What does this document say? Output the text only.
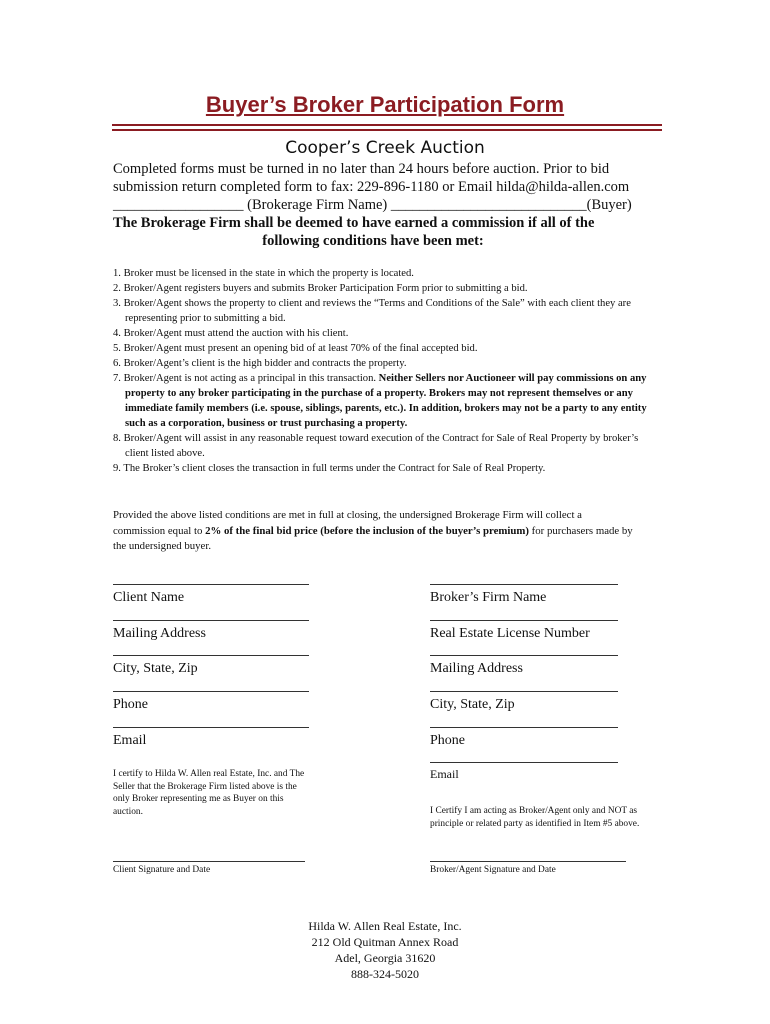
Buyer’s Broker Participation Form
Cooper’s Creek Auction

Completed forms must be turned in no later than 24 hours before auction. Prior to bid

submission return completed form to fax: 229-896-1180 or Email hilda@hilda-allen.com

__________________ (Brokerage Firm Name) ___________________________(Buyer)

The Brokerage Firm shall be deemed to have earned a commission if all of the
following conditions have been met:
1. Broker must be licensed in the state in which the property is located.
2. Broker/Agent registers buyers and submits Broker Participation Form prior to submitting a bid.
3. Broker/Agent shows the property to client and reviews the “Terms and Conditions of the Sale” with each client they are representing prior to submitting a bid.
4. Broker/Agent must attend the auction with his client.
5. Broker/Agent must present an opening bid of at least 70% of the final accepted bid.
6. Broker/Agent’s client is the high bidder and contracts the property.
7. Broker/Agent is not acting as a principal in this transaction. Neither Sellers nor Auctioneer will pay commissions on any property to any broker participating in the purchase of a property. Brokers may not represent themselves or any immediate family members (i.e. spouse, siblings, parents, etc.). In addition, brokers may not be a party to any entity such as a corporation, business or trust purchasing a property.
8. Broker/Agent will assist in any reasonable request toward execution of the Contract for Sale of Real Property by broker’s client listed above.
9. The Broker’s client closes the transaction in full terms under the Contract for Sale of Real Property.
Provided the above listed conditions are met in full at closing, the undersigned Brokerage Firm will collect a commission equal to 2% of the final bid price (before the inclusion of the buyer’s premium) for purchasers made by the undersigned buyer.
Client Name
Mailing Address
City, State, Zip
Phone
Email
I certify to Hilda W. Allen real Estate, Inc. and The Seller that the Brokerage Firm listed above is the only Broker representing me as Buyer on this auction.
Client Signature and Date
Broker’s Firm Name
Real Estate License Number
Mailing Address
City, State, Zip
Phone
Email
I Certify I am acting as Broker/Agent only and NOT as principle or related party as identified in Item #5 above.
Broker/Agent Signature and Date
Hilda W. Allen Real Estate, Inc.
212 Old Quitman Annex Road
Adel, Georgia 31620
888-324-5020
